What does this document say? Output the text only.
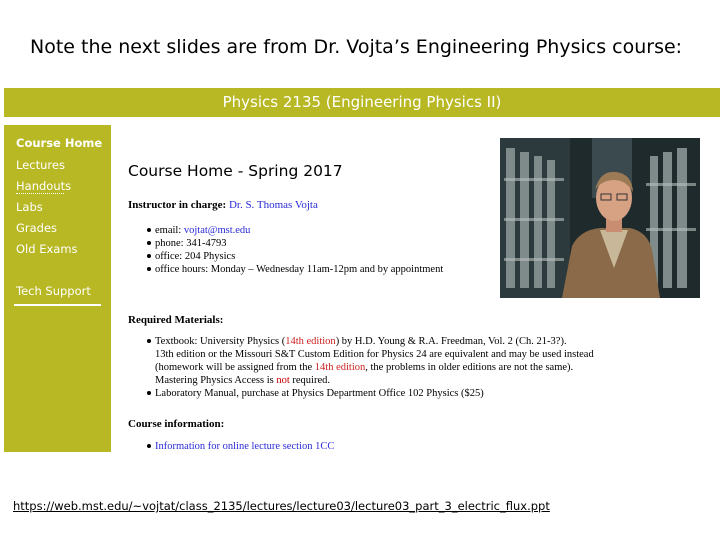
Note the next slides are from Dr. Vojta’s Engineering Physics course:
Physics 2135 (Engineering Physics II)
Course Home
Lectures
Handouts
Labs
Grades
Old Exams
Tech Support
Course Home - Spring 2017
Instructor in charge: Dr. S. Thomas Vojta
email: vojtat@mst.edu
phone: 341-4793
office: 204 Physics
office hours: Monday – Wednesday 11am-12pm and by appointment
Required Materials:
Textbook: University Physics (14th edition) by H.D. Young & R.A. Freedman, Vol. 2 (Ch. 21-3?).
13th edition or the Missouri S&T Custom Edition for Physics 24 are equivalent and may be used instead
(homework will be assigned from the 14th edition, the problems in older editions are not the same).
Mastering Physics Access is not required.
Laboratory Manual, purchase at Physics Department Office 102 Physics ($25)
Course information:
Information for online lecture section 1CC
https://web.mst.edu/~vojtat/class_2135/lectures/lecture03/lecture03_part_3_electric_flux.ppt
